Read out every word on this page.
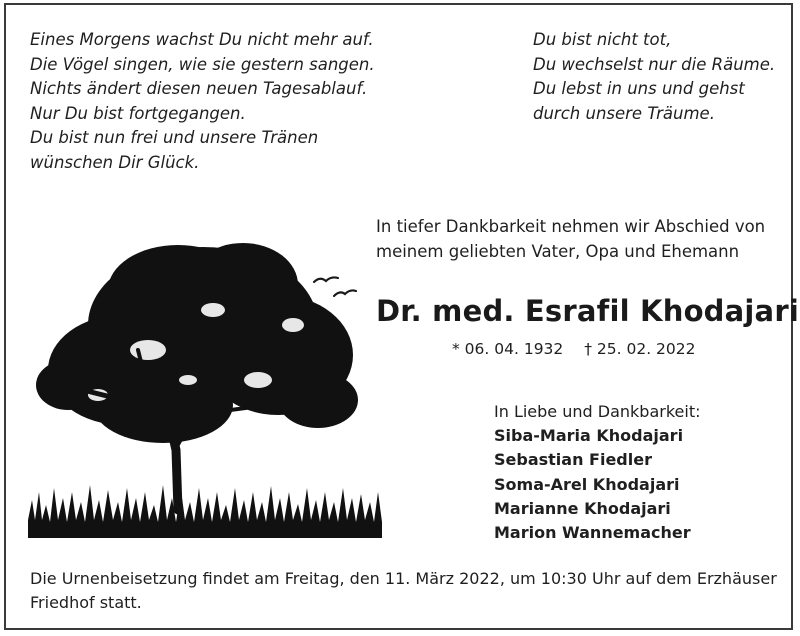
Eines Morgens wachst Du nicht mehr auf.
Die Vögel singen, wie sie gestern sangen.
Nichts ändert diesen neuen Tagesablauf.
Nur Du bist fortgegangen.
Du bist nun frei und unsere Tränen
wünschen Dir Glück.
Du bist nicht tot,
Du wechselst nur die Räume.
Du lebst in uns und gehst
durch unsere Träume.
In tiefer Dankbarkeit nehmen wir Abschied von
meinem geliebten Vater, Opa und Ehemann
Dr. med. Esrafil Khodajari
* 06. 04. 1932 † 25. 02. 2022
In Liebe und Dankbarkeit:
Siba-Maria Khodajari
Sebastian Fiedler
Soma-Arel Khodajari
Marianne Khodajari
Marion Wannemacher
Die Urnenbeisetzung findet am Freitag, den 11. März 2022, um 10:30 Uhr auf dem Erzhäuser Friedhof statt.
